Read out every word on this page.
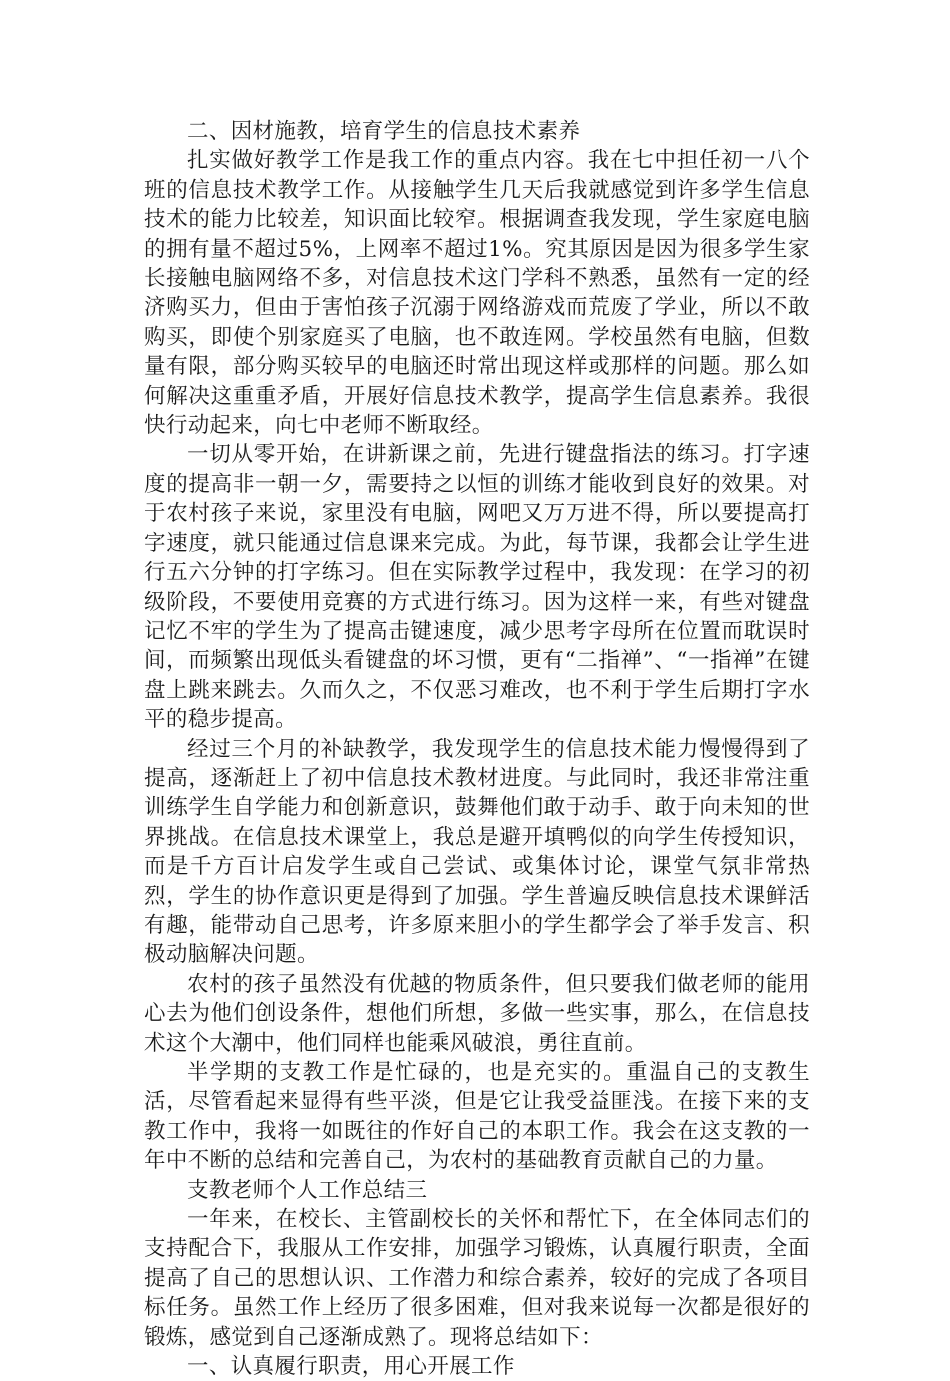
二、因材施教，培育学生的信息技术素养

扎实做好教学工作是我工作的重点内容。我在七中担任初一八个班的信息技术教学工作。从接触学生几天后我就感觉到许多学生信息技术的能力比较差，知识面比较窄。根据调查我发现，学生家庭电脑的拥有量不超过5%，上网率不超过1%。究其原因是因为很多学生家长接触电脑网络不多，对信息技术这门学科不熟悉，虽然有一定的经济购买力，但由于害怕孩子沉溺于网络游戏而荒废了学业，所以不敢购买，即使个别家庭买了电脑，也不敢连网。学校虽然有电脑，但数量有限，部分购买较早的电脑还时常出现这样或那样的问题。那么如何解决这重重矛盾，开展好信息技术教学，提高学生信息素养。我很快行动起来，向七中老师不断取经。

一切从零开始，在讲新课之前，先进行键盘指法的练习。打字速度的提高非一朝一夕，需要持之以恒的训练才能收到良好的效果。对于农村孩子来说，家里没有电脑，网吧又万万进不得，所以要提高打字速度，就只能通过信息课来完成。为此，每节课，我都会让学生进行五六分钟的打字练习。但在实际教学过程中，我发现：在学习的初级阶段，不要使用竞赛的方式进行练习。因为这样一来，有些对键盘记忆不牢的学生为了提高击键速度，减少思考字母所在位置而耽误时间，而频繁出现低头看键盘的坏习惯，更有“二指禅”、“一指禅”在键盘上跳来跳去。久而久之，不仅恶习难改，也不利于学生后期打字水平的稳步提高。

经过三个月的补缺教学，我发现学生的信息技术能力慢慢得到了提高，逐渐赶上了初中信息技术教材进度。与此同时，我还非常注重训练学生自学能力和创新意识，鼓舞他们敢于动手、敢于向未知的世界挑战。在信息技术课堂上，我总是避开填鸭似的向学生传授知识，而是千方百计启发学生或自己尝试、或集体讨论，课堂气氛非常热烈，学生的协作意识更是得到了加强。学生普遍反映信息技术课鲜活有趣，能带动自己思考，许多原来胆小的学生都学会了举手发言、积极动脑解决问题。

农村的孩子虽然没有优越的物质条件，但只要我们做老师的能用心去为他们创设条件，想他们所想，多做一些实事，那么，在信息技术这个大潮中，他们同样也能乘风破浪，勇往直前。

半学期的支教工作是忙碌的，也是充实的。重温自己的支教生活，尽管看起来显得有些平淡，但是它让我受益匪浅。在接下来的支教工作中，我将一如既往的作好自己的本职工作。我会在这支教的一年中不断的总结和完善自己，为农村的基础教育贡献自己的力量。

支教老师个人工作总结三

一年来，在校长、主管副校长的关怀和帮忙下，在全体同志们的支持配合下，我服从工作安排，加强学习锻炼，认真履行职责，全面提高了自己的思想认识、工作潜力和综合素养，较好的完成了各项目标任务。虽然工作上经历了很多困难，但对我来说每一次都是很好的锻炼，感觉到自己逐渐成熟了。现将总结如下：

一、认真履行职责，用心开展工作
